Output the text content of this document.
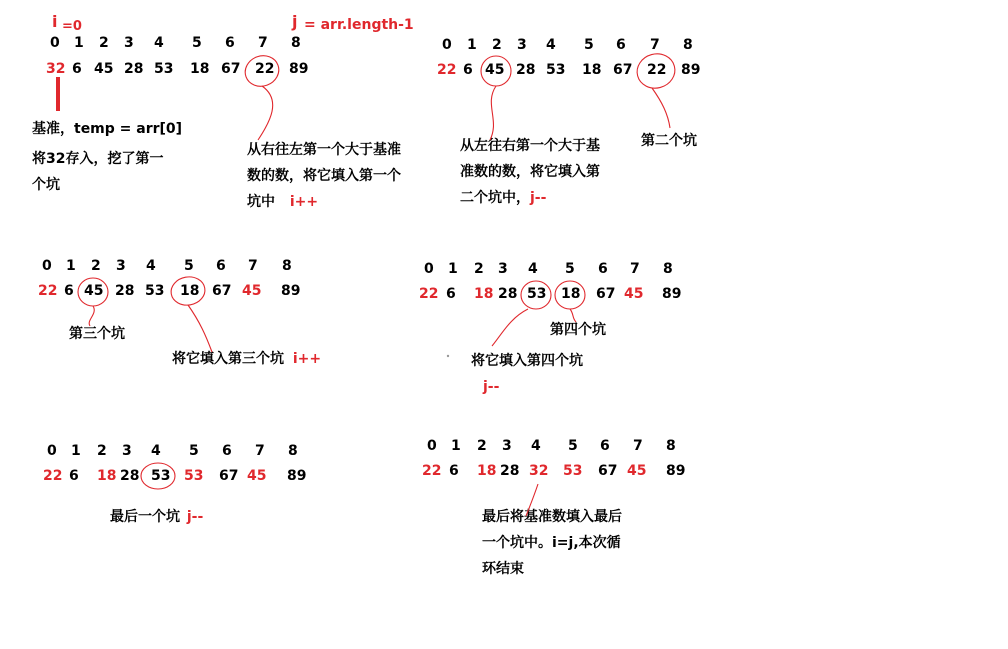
i =0	j = arr.length-1
0 1 2 3 4 5 6 7 8
32 6 45 28 53 18 67 22 89
0 1 2 3 4 5 6 7 8
22 6 45 28 53 18 67 22 89
0 1 2 3 4 5 6 7 8
22 6 45 28 53 18 67 45 89
0 1 2 3 4 5 6 7 8
22 6 18 28 53 18 67 45 89
0 1 2 3 4 5 6 7 8
22 6 18 28 53 53 67 45 89
0 1 2 3 4 5 6 7 8
22 6 18 28 32 53 67 45 89
基准，temp = arr[0]
将32存入，挖了第一个坑
从右往左第一个大于基准数的数，将它填入第一个坑中 i++
从左往右第一个大于基准数的数，将它填入第二个坑中，j--
第二个坑
第三个坑
将它填入第三个坑 i++
第四个坑
将它填入第四个坑 j--
最后一个坑 j--	最后将基准数填入最后一个坑中。i=j,本次循环结束
